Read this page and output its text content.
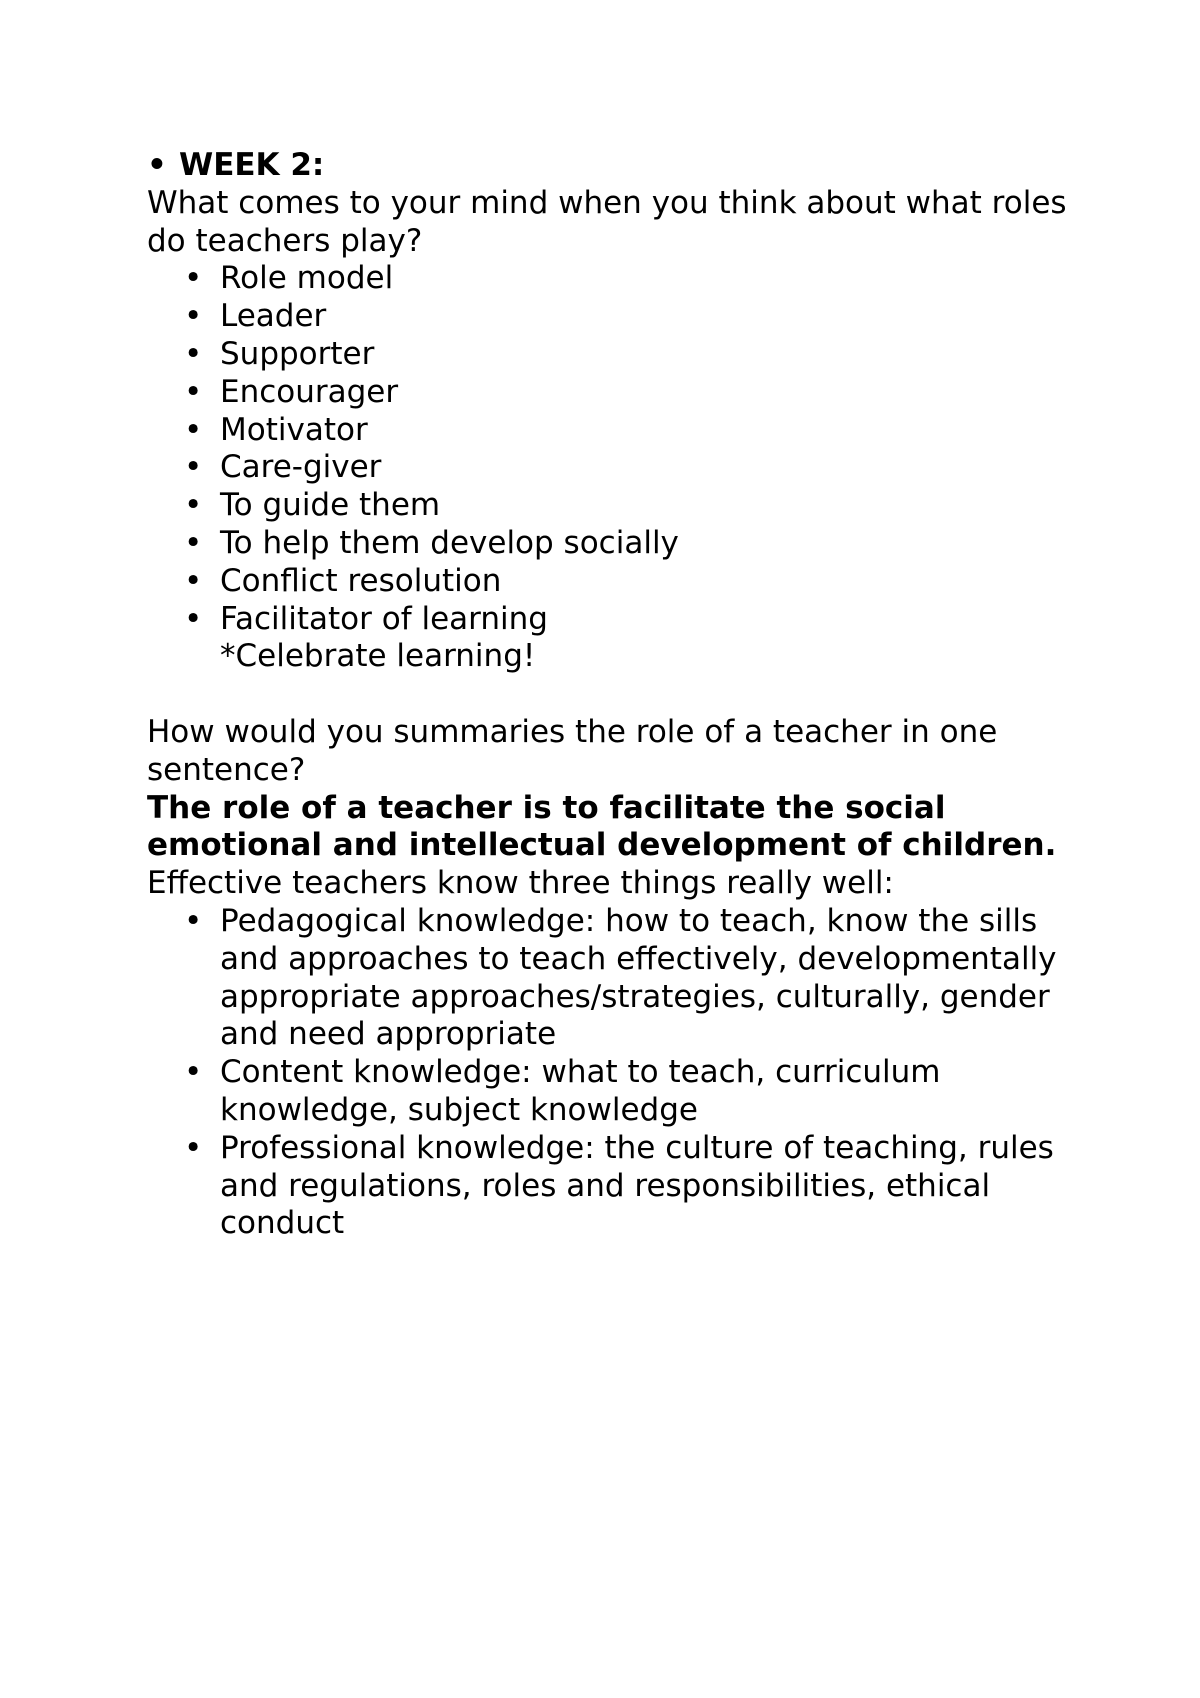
• WEEK 2:

What comes to your mind when you think about what roles do teachers play?

• Role model
• Leader
• Supporter
• Encourager
• Motivator
• Care-giver
• To guide them
• To help them develop socially
• Conflict resolution
• Facilitator of learning

*Celebrate learning!

How would you summaries the role of a teacher in one sentence?

The role of a teacher is to facilitate the social emotional and intellectual development of children.

Effective teachers know three things really well:

• Pedagogical knowledge: how to teach, know the sills and approaches to teach effectively, developmentally appropriate approaches/strategies, culturally, gender and need appropriate
• Content knowledge: what to teach, curriculum knowledge, subject knowledge
• Professional knowledge: the culture of teaching, rules and regulations, roles and responsibilities, ethical conduct
